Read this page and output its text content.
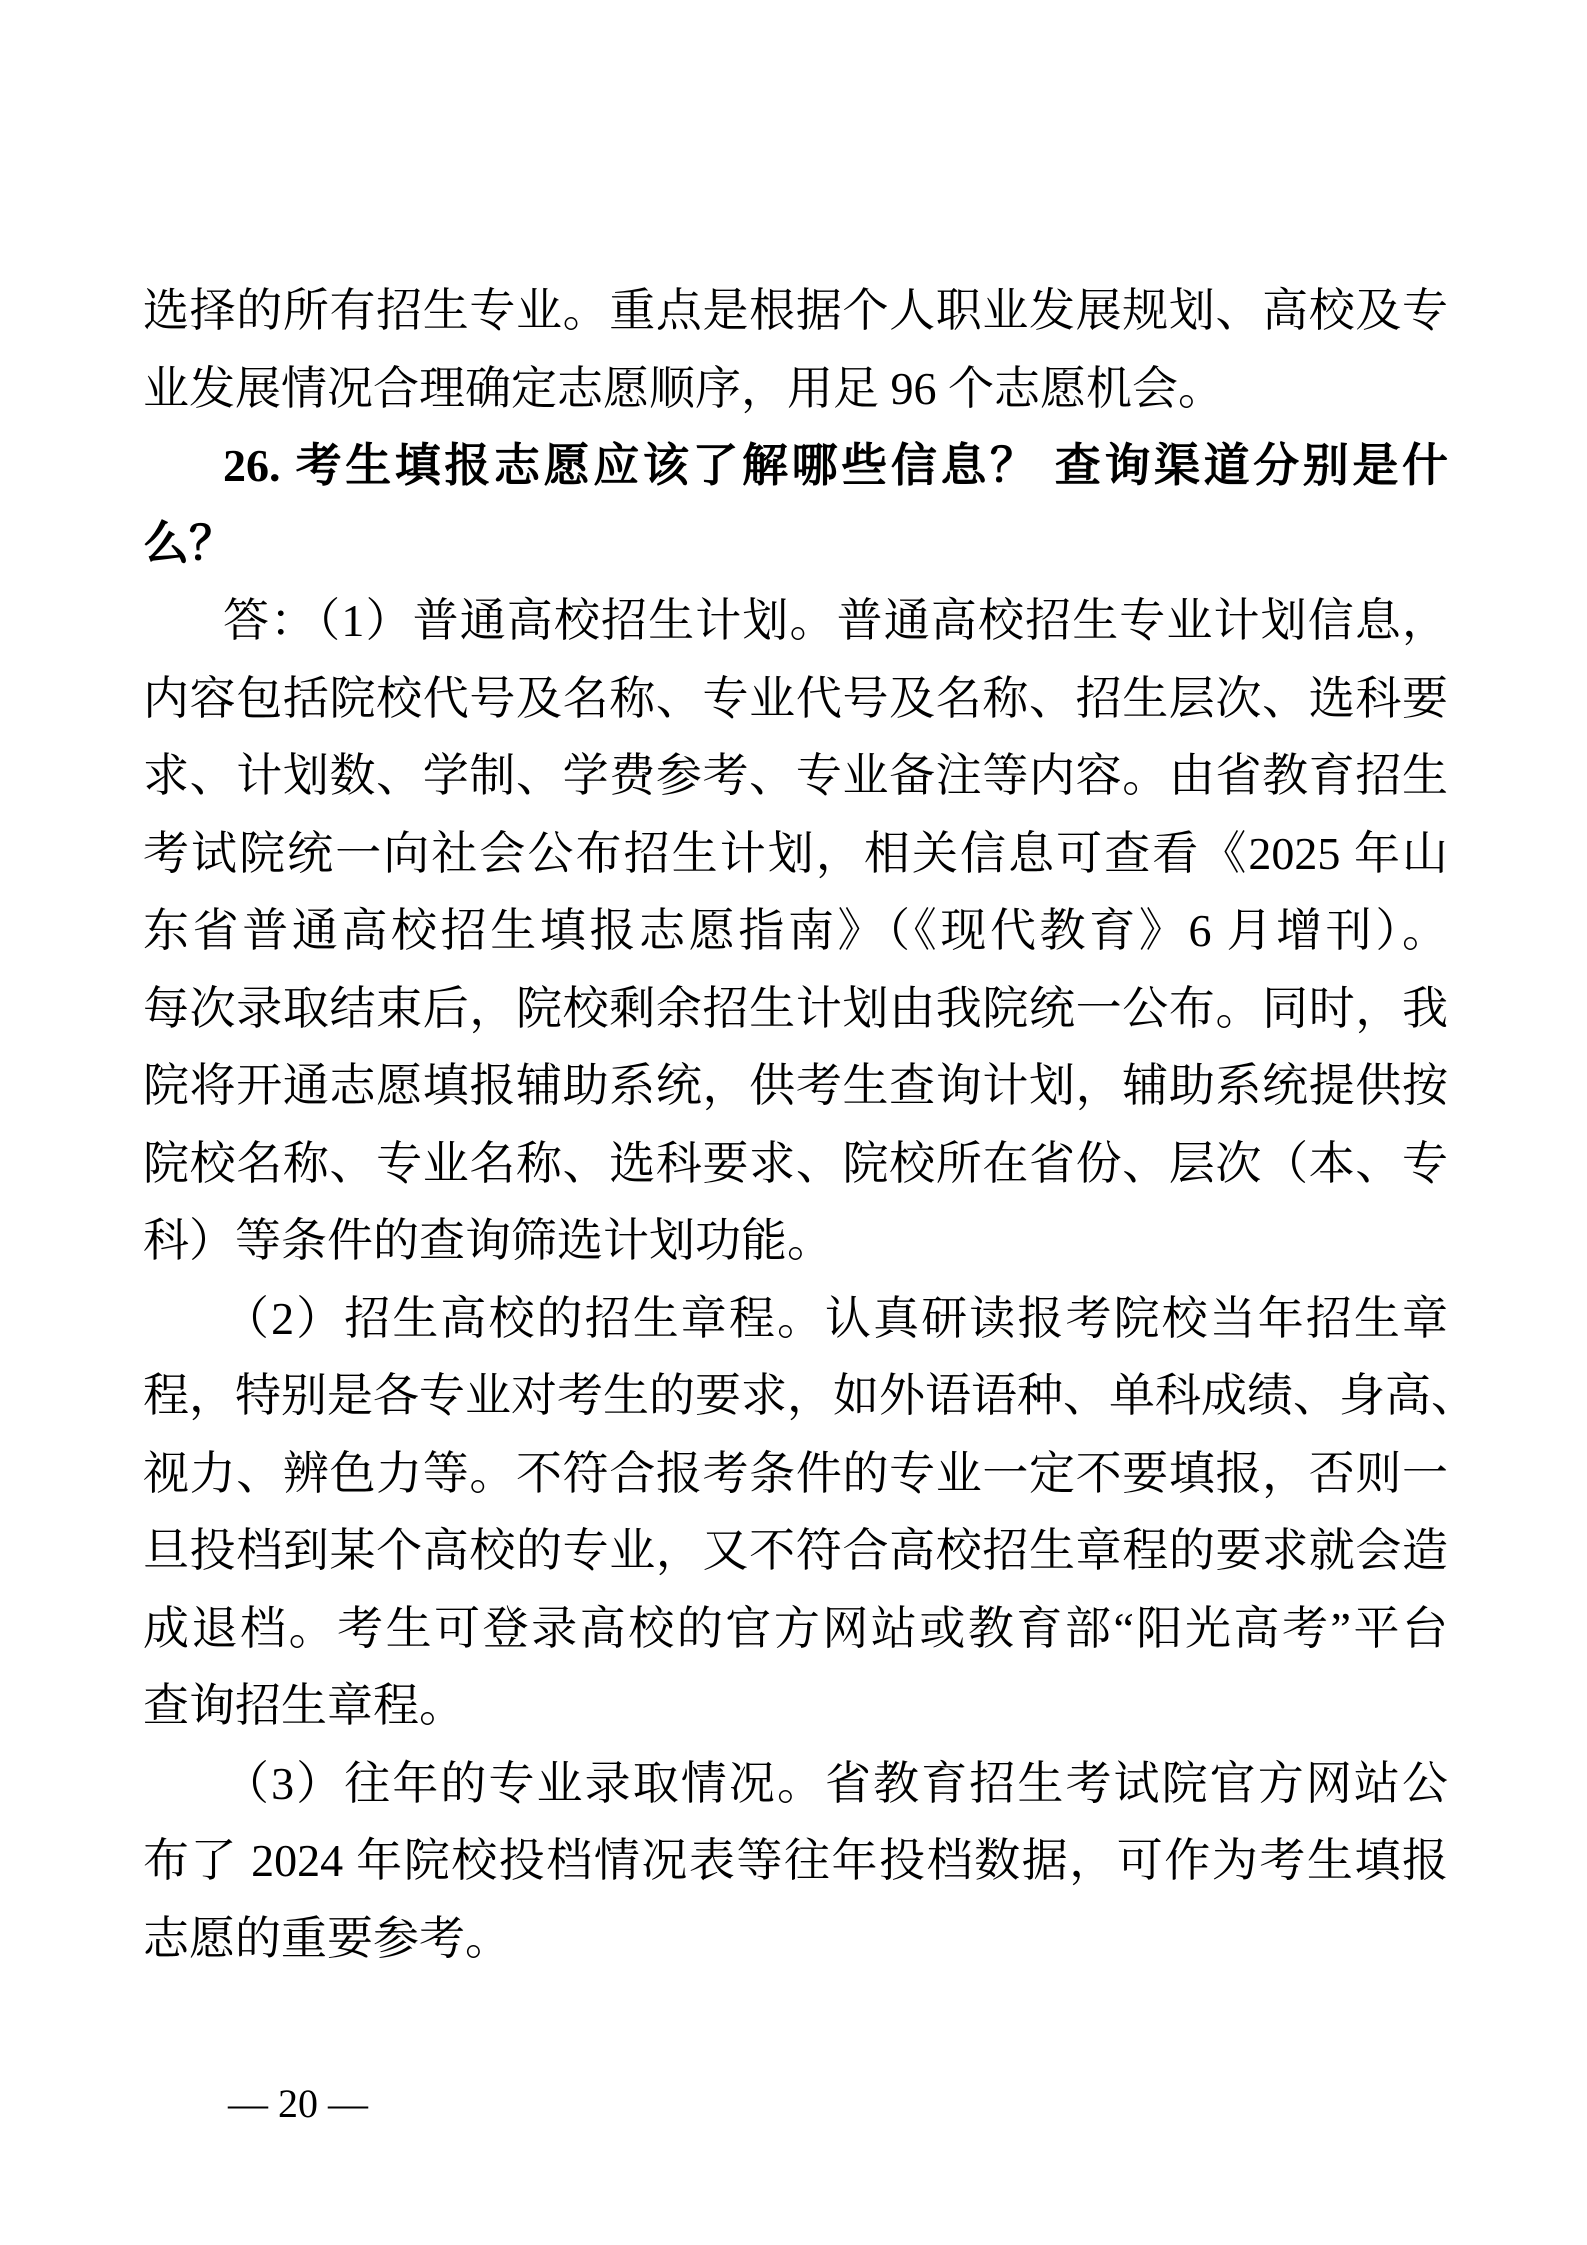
选择的所有招生专业。重点是根据个人职业发展规划、高校及专
业发展情况合理确定志愿顺序，用足 96 个志愿机会。
26. 考生填报志愿应该了解哪些信息？ 查询渠道分别是什
么？
答：（1）普通高校招生计划。普通高校招生专业计划信息，
内容包括院校代号及名称、专业代号及名称、招生层次、选科要
求、计划数、学制、学费参考、专业备注等内容。由省教育招生
考试院统一向社会公布招生计划，相关信息可查看《2025 年山
东省普通高校招生填报志愿指南》（《现代教育》6 月增刊）。
每次录取结束后，院校剩余招生计划由我院统一公布。同时，我
院将开通志愿填报辅助系统，供考生查询计划，辅助系统提供按
院校名称、专业名称、选科要求、院校所在省份、层次（本、专
科）等条件的查询筛选计划功能。
（2）招生高校的招生章程。认真研读报考院校当年招生章
程，特别是各专业对考生的要求，如外语语种、单科成绩、身高、
视力、辨色力等。不符合报考条件的专业一定不要填报，否则一
旦投档到某个高校的专业，又不符合高校招生章程的要求就会造
成退档。考生可登录高校的官方网站或教育部“阳光高考”平台
查询招生章程。
（3）往年的专业录取情况。省教育招生考试院官方网站公
布了 2024 年院校投档情况表等往年投档数据，可作为考生填报
志愿的重要参考。
— 20 —
